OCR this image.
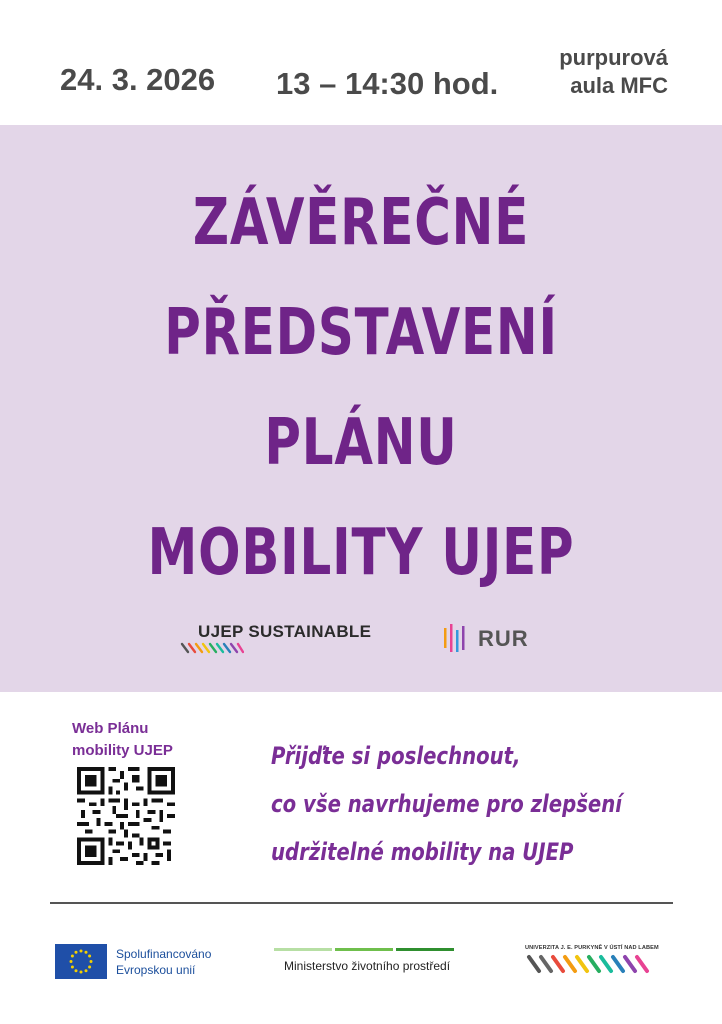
24. 3. 2026 13 – 14:30 hod.
purpurová
aula MFC
ZÁVĚREČNÉ
PŘEDSTAVENÍ
PLÁNU
MOBILITY UJEP
UJEP SUSTAINABLE	RUR
Web Plánu
mobility UJEP	Přijďte si poslechnout,
co vše navrhujeme pro zlepšení
udržitelné mobility na UJEP
Spolufinancováno
Evropskou unií	Ministerstvo životního prostředí
UNIVERZITA J. E. PURKYNĚ V ÚSTÍ NAD LABEM
